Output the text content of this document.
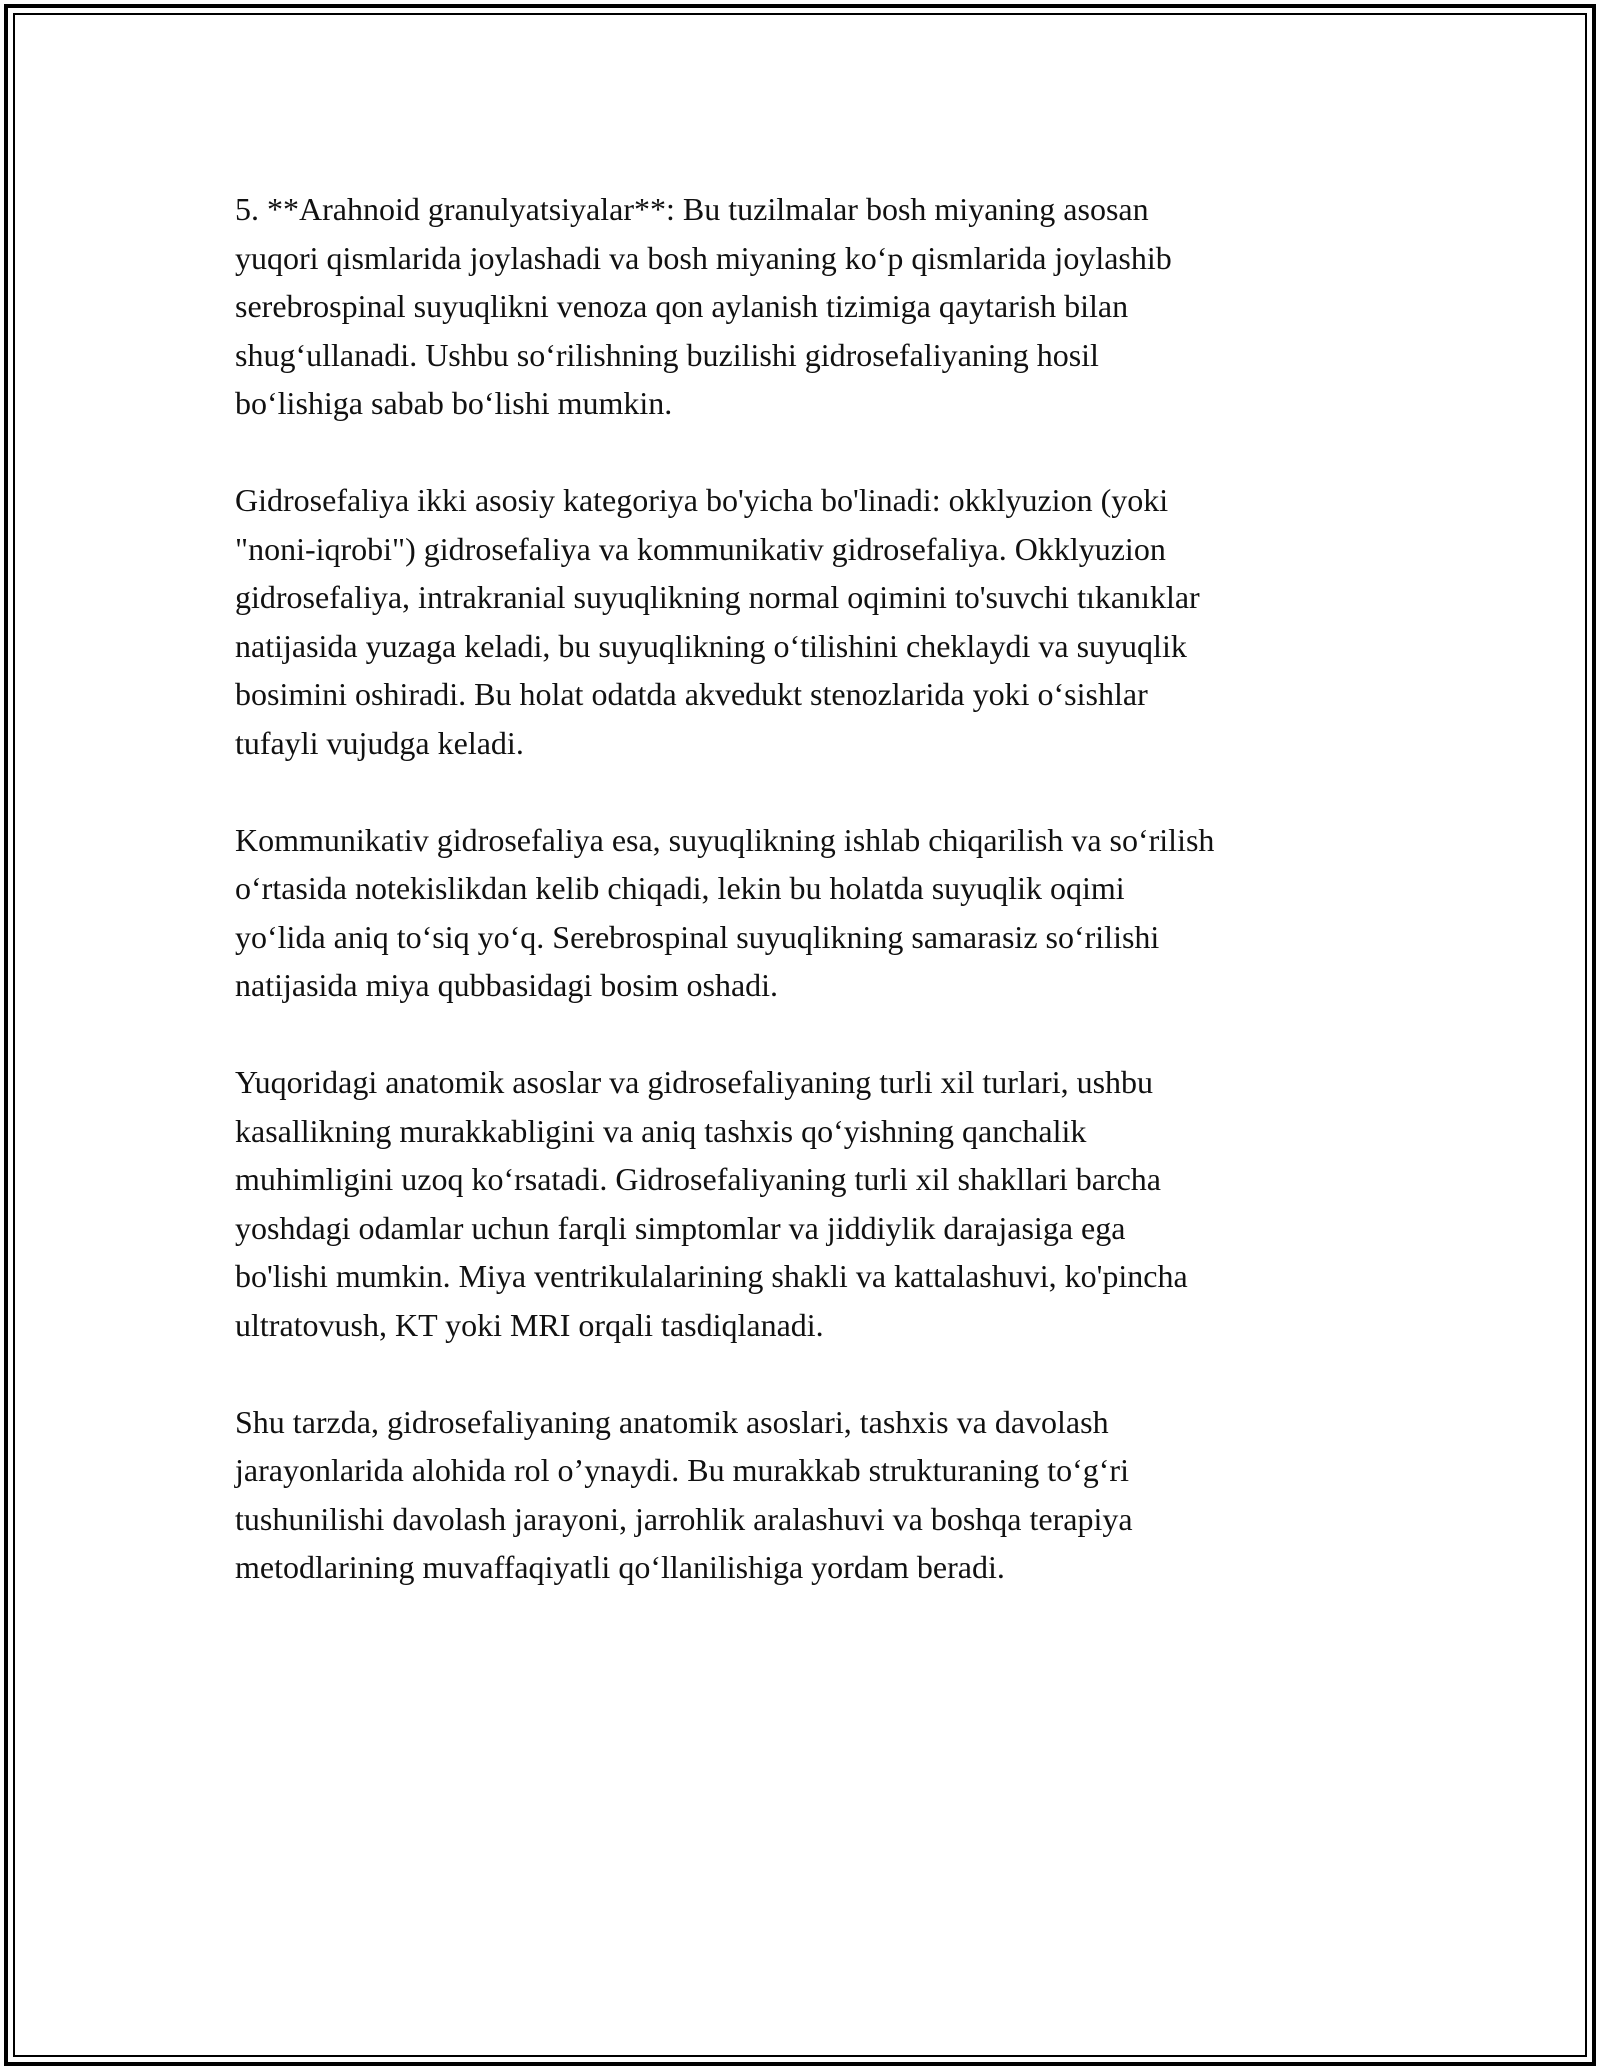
5. **Arahnoid granulyatsiyalar**: Bu tuzilmalar bosh miyaning asosan
yuqori qismlarida joylashadi va bosh miyaning ko‘p qismlarida joylashib
serebrospinal suyuqlikni venoza qon aylanish tizimiga qaytarish bilan
shug‘ullanadi. Ushbu so‘rilishning buzilishi gidrosefaliyaning hosil
bo‘lishiga sabab bo‘lishi mumkin.

Gidrosefaliya ikki asosiy kategoriya bo'yicha bo'linadi: okklyuzion (yoki
"noni-iqrobi") gidrosefaliya va kommunikativ gidrosefaliya. Okklyuzion
gidrosefaliya, intrakranial suyuqlikning normal oqimini to'suvchi tıkanıklar
natijasida yuzaga keladi, bu suyuqlikning o‘tilishini cheklaydi va suyuqlik
bosimini oshiradi. Bu holat odatda akvedukt stenozlarida yoki o‘sishlar
tufayli vujudga keladi.

Kommunikativ gidrosefaliya esa, suyuqlikning ishlab chiqarilish va so‘rilish
o‘rtasida notekislikdan kelib chiqadi, lekin bu holatda suyuqlik oqimi
yo‘lida aniq to‘siq yo‘q. Serebrospinal suyuqlikning samarasiz so‘rilishi
natijasida miya qubbasidagi bosim oshadi.

Yuqoridagi anatomik asoslar va gidrosefaliyaning turli xil turlari, ushbu
kasallikning murakkabligini va aniq tashxis qo‘yishning qanchalik
muhimligini uzoq ko‘rsatadi. Gidrosefaliyaning turli xil shakllari barcha
yoshdagi odamlar uchun farqli simptomlar va jiddiylik darajasiga ega
bo'lishi mumkin. Miya ventrikulalarining shakli va kattalashuvi, ko'pincha
ultratovush, KT yoki MRI orqali tasdiqlanadi.

Shu tarzda, gidrosefaliyaning anatomik asoslari, tashxis va davolash
jarayonlarida alohida rol o’ynaydi. Bu murakkab strukturaning to‘g‘ri
tushunilishi davolash jarayoni, jarrohlik aralashuvi va boshqa terapiya
metodlarining muvaffaqiyatli qo‘llanilishiga yordam beradi.
